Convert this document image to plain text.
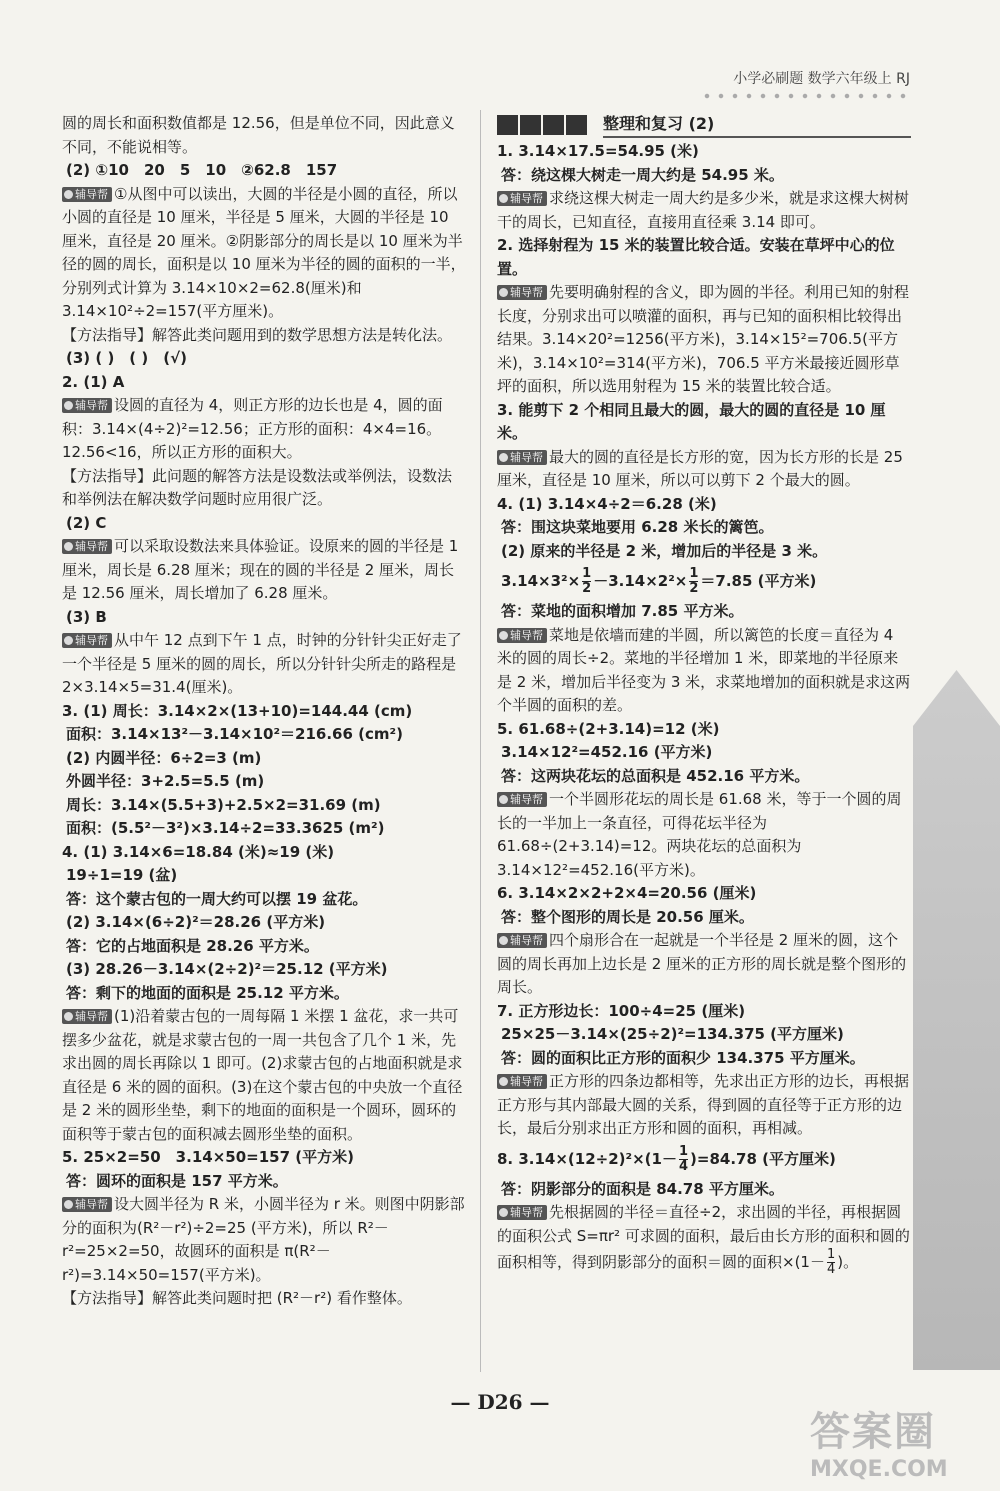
小学必刷题 数学六年级上 RJ

圆的周长和面积数值都是 12.56，但是单位不同，因此意义不同，不能说相等。

(2) ①10　20　5　10　②62.8　157

辅导帮 ①从图中可以读出，大圆的半径是小圆的直径，所以小圆的直径是 10 厘米，半径是 5 厘米，大圆的半径是 10 厘米，直径是 20 厘米。②阴影部分的周长是以 10 厘米为半径的圆的周长，面积是以 10 厘米为半径的圆的面积的一半，分别列式计算为 3.14×10×2=62.8(厘米)和 3.14×10²÷2=157(平方厘米)。

【方法指导】解答此类问题用到的数学思想方法是转化法。

(3) ( )　( )　(√)

2. (1) A

辅导帮 设圆的直径为 4，则正方形的边长也是 4，圆的面积：3.14×(4÷2)²=12.56；正方形的面积：4×4=16。12.56<16，所以正方形的面积大。

【方法指导】此问题的解答方法是设数法或举例法，设数法和举例法在解决数学问题时应用很广泛。

(2) C

辅导帮 可以采取设数法来具体验证。设原来的圆的半径是 1 厘米，周长是 6.28 厘米；现在的圆的半径是 2 厘米，周长是 12.56 厘米，周长增加了 6.28 厘米。

(3) B

辅导帮 从中午 12 点到下午 1 点，时钟的分针针尖正好走了一个半径是 5 厘米的圆的周长，所以分针针尖所走的路程是 2×3.14×5=31.4(厘米)。

3. (1) 周长：3.14×2×(13+10)=144.44 (cm)

面积：3.14×13²－3.14×10²＝216.66 (cm²)

(2) 内圆半径：6÷2=3 (m)

外圆半径：3+2.5=5.5 (m)

周长：3.14×(5.5+3)+2.5×2=31.69 (m)

面积：(5.5²－3²)×3.14÷2=33.3625 (m²)

4. (1) 3.14×6=18.84 (米)≈19 (米)

19÷1=19 (盆)

答：这个蒙古包的一周大约可以摆 19 盆花。

(2) 3.14×(6÷2)²＝28.26 (平方米)

答：它的占地面积是 28.26 平方米。

(3) 28.26－3.14×(2÷2)²＝25.12 (平方米)

答：剩下的地面的面积是 25.12 平方米。

辅导帮 (1)沿着蒙古包的一周每隔 1 米摆 1 盆花，求一共可摆多少盆花，就是求蒙古包的一周一共包含了几个 1 米，先求出圆的周长再除以 1 即可。(2)求蒙古包的占地面积就是求直径是 6 米的圆的面积。(3)在这个蒙古包的中央放一个直径是 2 米的圆形坐垫，剩下的地面的面积是一个圆环，圆环的面积等于蒙古包的面积减去圆形坐垫的面积。

5. 25×2=50　3.14×50=157 (平方米)

答：圆环的面积是 157 平方米。

辅导帮 设大圆半径为 R 米，小圆半径为 r 米。则图中阴影部分的面积为(R²－r²)÷2=25 (平方米)，所以 R²－r²=25×2=50，故圆环的面积是 π(R²－r²)=3.14×50=157(平方米)。

【方法指导】解答此类问题时把 (R²－r²) 看作整体。

整理和复习 (2)

1. 3.14×17.5=54.95 (米)

答：绕这棵大树走一周大约是 54.95 米。

辅导帮 求绕这棵大树走一周大约是多少米，就是求这棵大树树干的周长，已知直径，直接用直径乘 3.14 即可。

2. 选择射程为 15 米的装置比较合适。安装在草坪中心的位置。

辅导帮 先要明确射程的含义，即为圆的半径。利用已知的射程长度，分别求出可以喷灌的面积，再与已知的面积相比较得出结果。3.14×20²=1256(平方米)，3.14×15²=706.5(平方米)，3.14×10²=314(平方米)，706.5 平方米最接近圆形草坪的面积，所以选用射程为 15 米的装置比较合适。

3. 能剪下 2 个相同且最大的圆，最大的圆的直径是 10 厘米。

辅导帮 最大的圆的直径是长方形的宽，因为长方形的长是 25 厘米，直径是 10 厘米，所以可以剪下 2 个最大的圆。

4. (1) 3.14×4÷2＝6.28 (米)

答：围这块菜地要用 6.28 米长的篱笆。

(2) 原来的半径是 2 米，增加后的半径是 3 米。

$3.14\times 3^2\times \frac{1}{2} -3.14\times 2^2\times \frac{1}{2} =7.85$ (平方米)

答：菜地的面积增加 7.85 平方米。

辅导帮 菜地是依墙而建的半圆，所以篱笆的长度＝直径为 4 米的圆的周长÷2。菜地的半径增加 1 米，即菜地的半径原来是 2 米，增加后半径变为 3 米，求菜地增加的面积就是求这两个半圆的面积的差。

5. 61.68÷(2+3.14)=12 (米)

3.14×12²=452.16 (平方米)

答：这两块花坛的总面积是 452.16 平方米。

辅导帮 一个半圆形花坛的周长是 61.68 米，等于一个圆的周长的一半加上一条直径，可得花坛半径为 61.68÷(2+3.14)=12。两块花坛的总面积为 3.14×12²=452.16(平方米)。

6. 3.14×2×2+2×4=20.56 (厘米)

答：整个图形的周长是 20.56 厘米。

辅导帮 四个扇形合在一起就是一个半径是 2 厘米的圆，这个圆的周长再加上边长是 2 厘米的正方形的周长就是整个图形的周长。

7. 正方形边长：100÷4=25 (厘米)

25×25－3.14×(25÷2)²=134.375 (平方厘米)

答：圆的面积比正方形的面积少 134.375 平方厘米。

辅导帮 正方形的四条边都相等，先求出正方形的边长，再根据正方形与其内部最大圆的关系，得到圆的直径等于正方形的边长，最后分别求出正方形和圆的面积，再相减。

8. $3.14\times(12\div 2)^2\times(1- \frac{1}{4} )=84.78$ (平方厘米)

答：阴影部分的面积是 84.78 平方厘米。

辅导帮 先根据圆的半径＝直径÷2，求出圆的半径，再根据圆的面积公式 S=πr² 可求圆的面积，最后由长方形的面积和圆的面积相等，得到阴影部分的面积＝圆的面积$\times(1- \frac{1}{4}$ )。

— D26 —
答案圈
MXQE.COM
